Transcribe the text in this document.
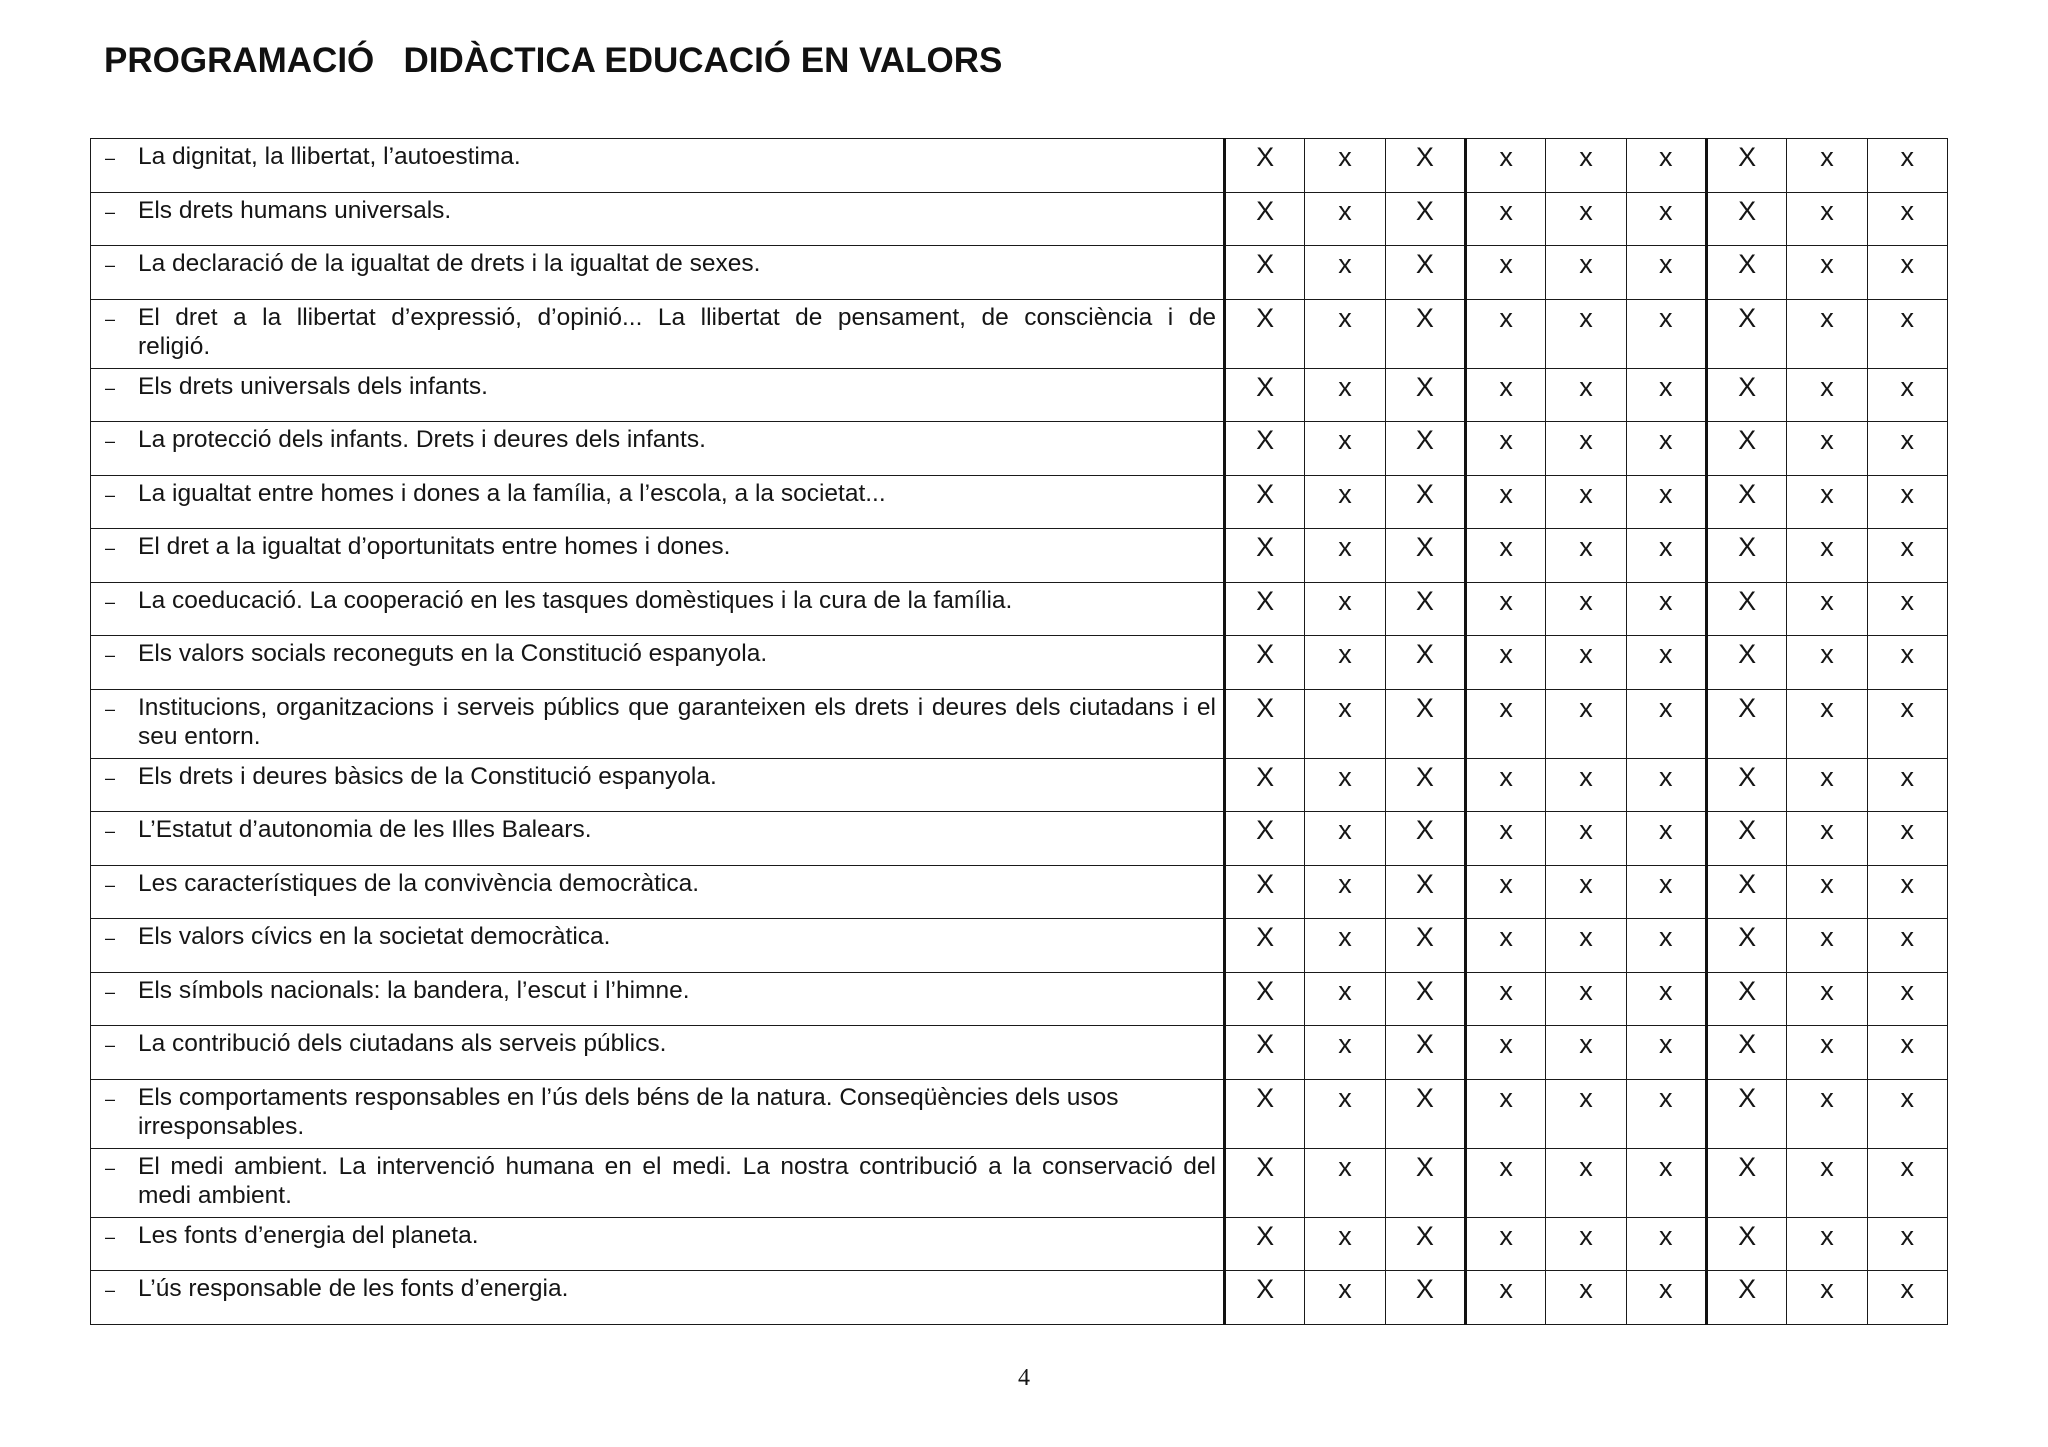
PROGRAMACIÓ   DIDÀCTICA EDUCACIÓ EN VALORS
– La dignitat, la llibertat, l’autoestima.	X	x	X	x	x	x	X	x	x

– Els drets humans universals.	X	x	X	x	x	x	X	x	x

– La declaració de la igualtat de drets i la igualtat de sexes.	X	x	X	x	x	x	X	x	x

– El dret a la llibertat d’expressió, d’opinió... La llibertat de pensament, de consciència i de
religió.	X	x	X	x	x	x	X	x	x

– Els drets universals dels infants.	X	x	X	x	x	x	X	x	x

– La protecció dels infants. Drets i deures dels infants.	X	x	X	x	x	x	X	x	x

– La igualtat entre homes i dones a la família, a l’escola, a la societat...	X	x	X	x	x	x	X	x	x

– El dret a la igualtat d’oportunitats entre homes i dones.	X	x	X	x	x	x	X	x	x

– La coeducació. La cooperació en les tasques domèstiques i la cura de la família.	X	x	X	x	x	x	X	x	x

– Els valors socials reconeguts en la Constitució espanyola.	X	x	X	x	x	x	X	x	x

– Institucions, organitzacions i serveis públics que garanteixen els drets i deures dels ciutadans i el
seu entorn.	X	x	X	x	x	x	X	x	x

– Els drets i deures bàsics de la Constitució espanyola.	X	x	X	x	x	x	X	x	x

– L’Estatut d’autonomia de les Illes Balears.	X	x	X	x	x	x	X	x	x

– Les característiques de la convivència democràtica.	X	x	X	x	x	x	X	x	x

– Els valors cívics en la societat democràtica.	X	x	X	x	x	x	X	x	x

– Els símbols nacionals: la bandera, l’escut i l’himne.	X	x	X	x	x	x	X	x	x

– La contribució dels ciutadans als serveis públics.	X	x	X	x	x	x	X	x	x

– Els comportaments responsables en l’ús dels béns de la natura. Conseqüències dels usos
irresponsables.	X	x	X	x	x	x	X	x	x

– El medi ambient. La intervenció humana en el medi. La nostra contribució a la conservació del
medi ambient.	X	x	X	x	x	x	X	x	x

– Les fonts d’energia del planeta.	X	x	X	x	x	x	X	x	x

– L’ús responsable de les fonts d’energia.	X	x	X	x	x	x	X	x	x
4
